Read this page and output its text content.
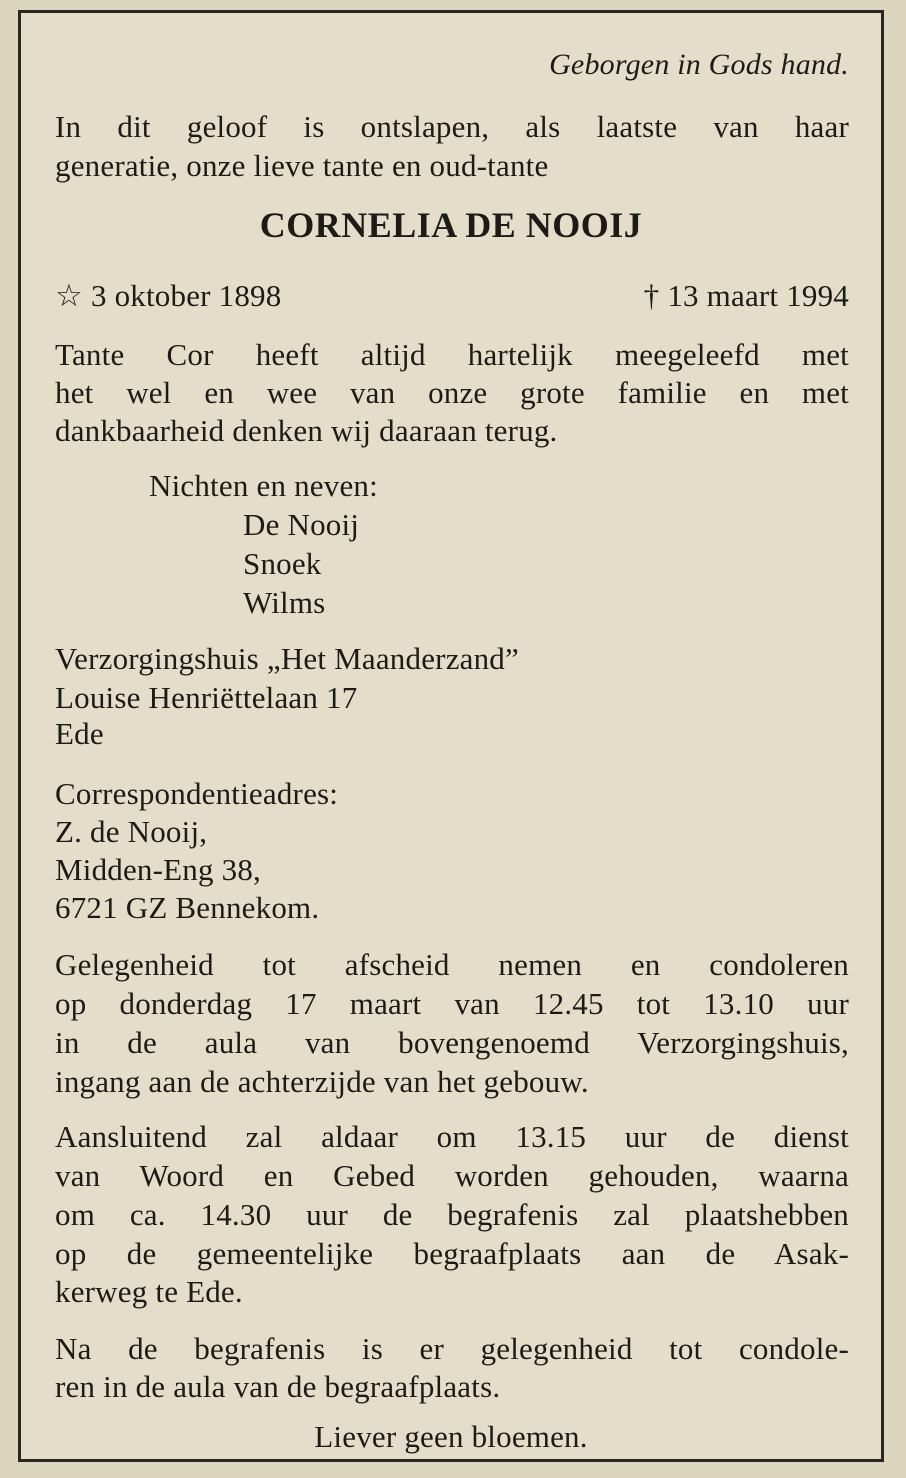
Geborgen in Gods hand.
In dit geloof is ontslapen, als laatste van haar
generatie, onze lieve tante en oud-tante
CORNELIA DE NOOIJ
☆ 3 oktober 1898	† 13 maart 1994
Tante Cor heeft altijd hartelijk meegeleefd met
het wel en wee van onze grote familie en met
dankbaarheid denken wij daaraan terug.
Nichten en neven:
De Nooij
Snoek
Wilms
Verzorgingshuis „Het Maanderzand”
Louise Henriëttelaan 17
Ede
Correspondentieadres:
Z. de Nooij,
Midden-Eng 38,
6721 GZ Bennekom.
Gelegenheid tot afscheid nemen en condoleren
op donderdag 17 maart van 12.45 tot 13.10 uur
in de aula van bovengenoemd Verzorgingshuis,
ingang aan de achterzijde van het gebouw.
Aansluitend zal aldaar om 13.15 uur de dienst
van Woord en Gebed worden gehouden, waarna
om ca. 14.30 uur de begrafenis zal plaatshebben
op de gemeentelijke begraafplaats aan de Asak-
kerweg te Ede.
Na de begrafenis is er gelegenheid tot condole-
ren in de aula van de begraafplaats.
Liever geen bloemen.
